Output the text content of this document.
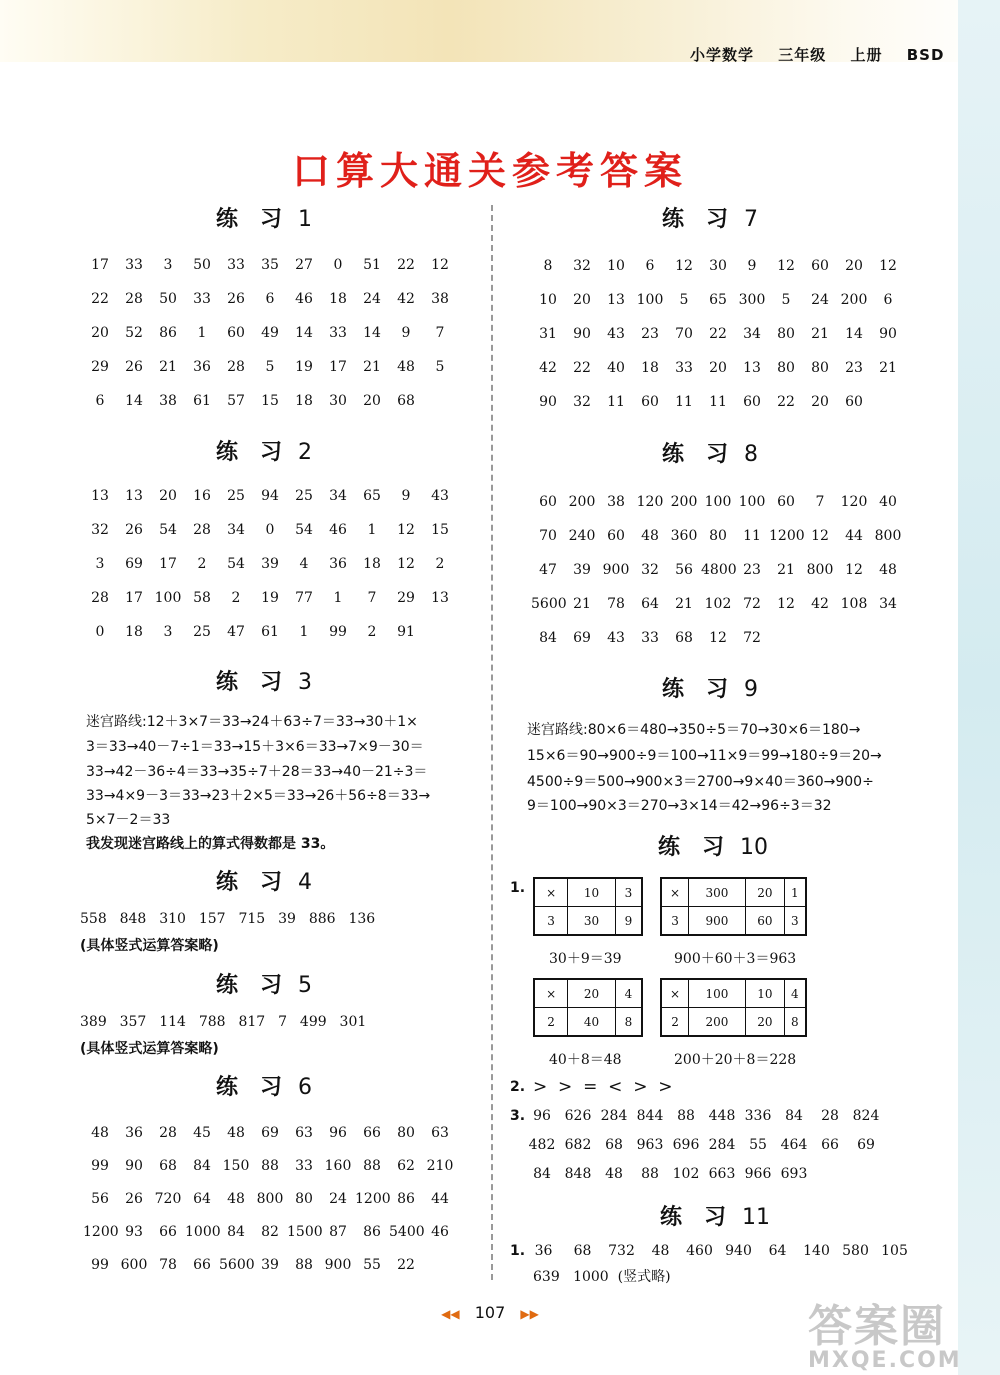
小学数学 三年级 上册 BSD
口算大通关参考答案
练 习 1
练 习 2
练 习 3
练 习 4
练 习 5
练 习 6
练 习 7
练 习 8
练 习 9
练 习 10
练 习 11
17 33 3 50 33 35 27 0 51 22 12
22 28 50 33 26 6 46 18 24 42 38
20 52 86 1 60 49 14 33 14 9 7
29 26 21 36 28 5 19 17 21 48 5
6 14 38 61 57 15 18 30 20 68
13 13 20 16 25 94 25 34 65 9 43
32 26 54 28 34 0 54 46 1 12 15
3 69 17 2 54 39 4 36 18 12 2
28 17 100 58 2 19 77 1 7 29 13
0 18 3 25 47 61 1 99 2 91
48 36 28 45 48 69 63 96 66 80 63
99 90 68 84 150 88 33 160 88 62 210
56 26 720 64 48 800 80 24 1200 86 44
1200 93 66 1000 84 82 1500 87 86 5400 46
99 600 78 66 5600 39 88 900 55 22
8 32 10 6 12 30 9 12 60 20 12
10 20 13 100 5 65 300 5 24 200 6
31 90 43 23 70 22 34 80 21 14 90
42 22 40 18 33 20 13 80 80 23 21
90 32 11 60 11 11 60 22 20 60
60 200 38 120 200 100 100 60 7 120 40
70 240 60 48 360 80 11 1200 12 44 800
47 39 900 32 56 4800 23 21 800 12 48
5600 21 78 64 21 102 72 12 42 108 34
84 69 43 33 68 12 72
迷宫路线:12＋3×7＝33→24＋63÷7＝33→30＋1×
3＝33→40－7÷1＝33→15＋3×6＝33→7×9－30＝
33→42－36÷4＝33→35÷7＋28＝33→40－21÷3＝
33→4×9－3＝33→23＋2×5＝33→26＋56÷8＝33→
5×7－2＝33
我发现迷宫路线上的算式得数都是 33。
558  848  310  157  715  39  886  136
(具体竖式运算答案略)
389  357  114  788  817  7  499  301
(具体竖式运算答案略)
迷宫路线:80×6＝480→350÷5＝70→30×6＝180→
15×6＝90→900÷9＝100→11×9＝99→180÷9＝20→
4500÷9＝500→900×3＝2700→9×40＝360→900÷
9＝100→90×3＝270→3×14＝42→96÷3＝32
1. ×	10	3
3	30	9
×	300	20	1
3	900	60	3
30＋9＝39	900＋60＋3＝963
×	20	4
2	40	8
×	100	10	4
2	200	20	8
40＋8＝48	200＋20＋8＝228
2. >  >  =  <  >  >
3. 96 626 284 844 88 448 336 84 28 824
482 682 68 963 696 284 55 464 66 69
84 848 48 88 102 663 966 693
1. 36 68 732 48 460 940 64 140 580 105
639   1000  (竖式略)
◀◀ 107 ▶▶	答案圈
MXQE.COM
